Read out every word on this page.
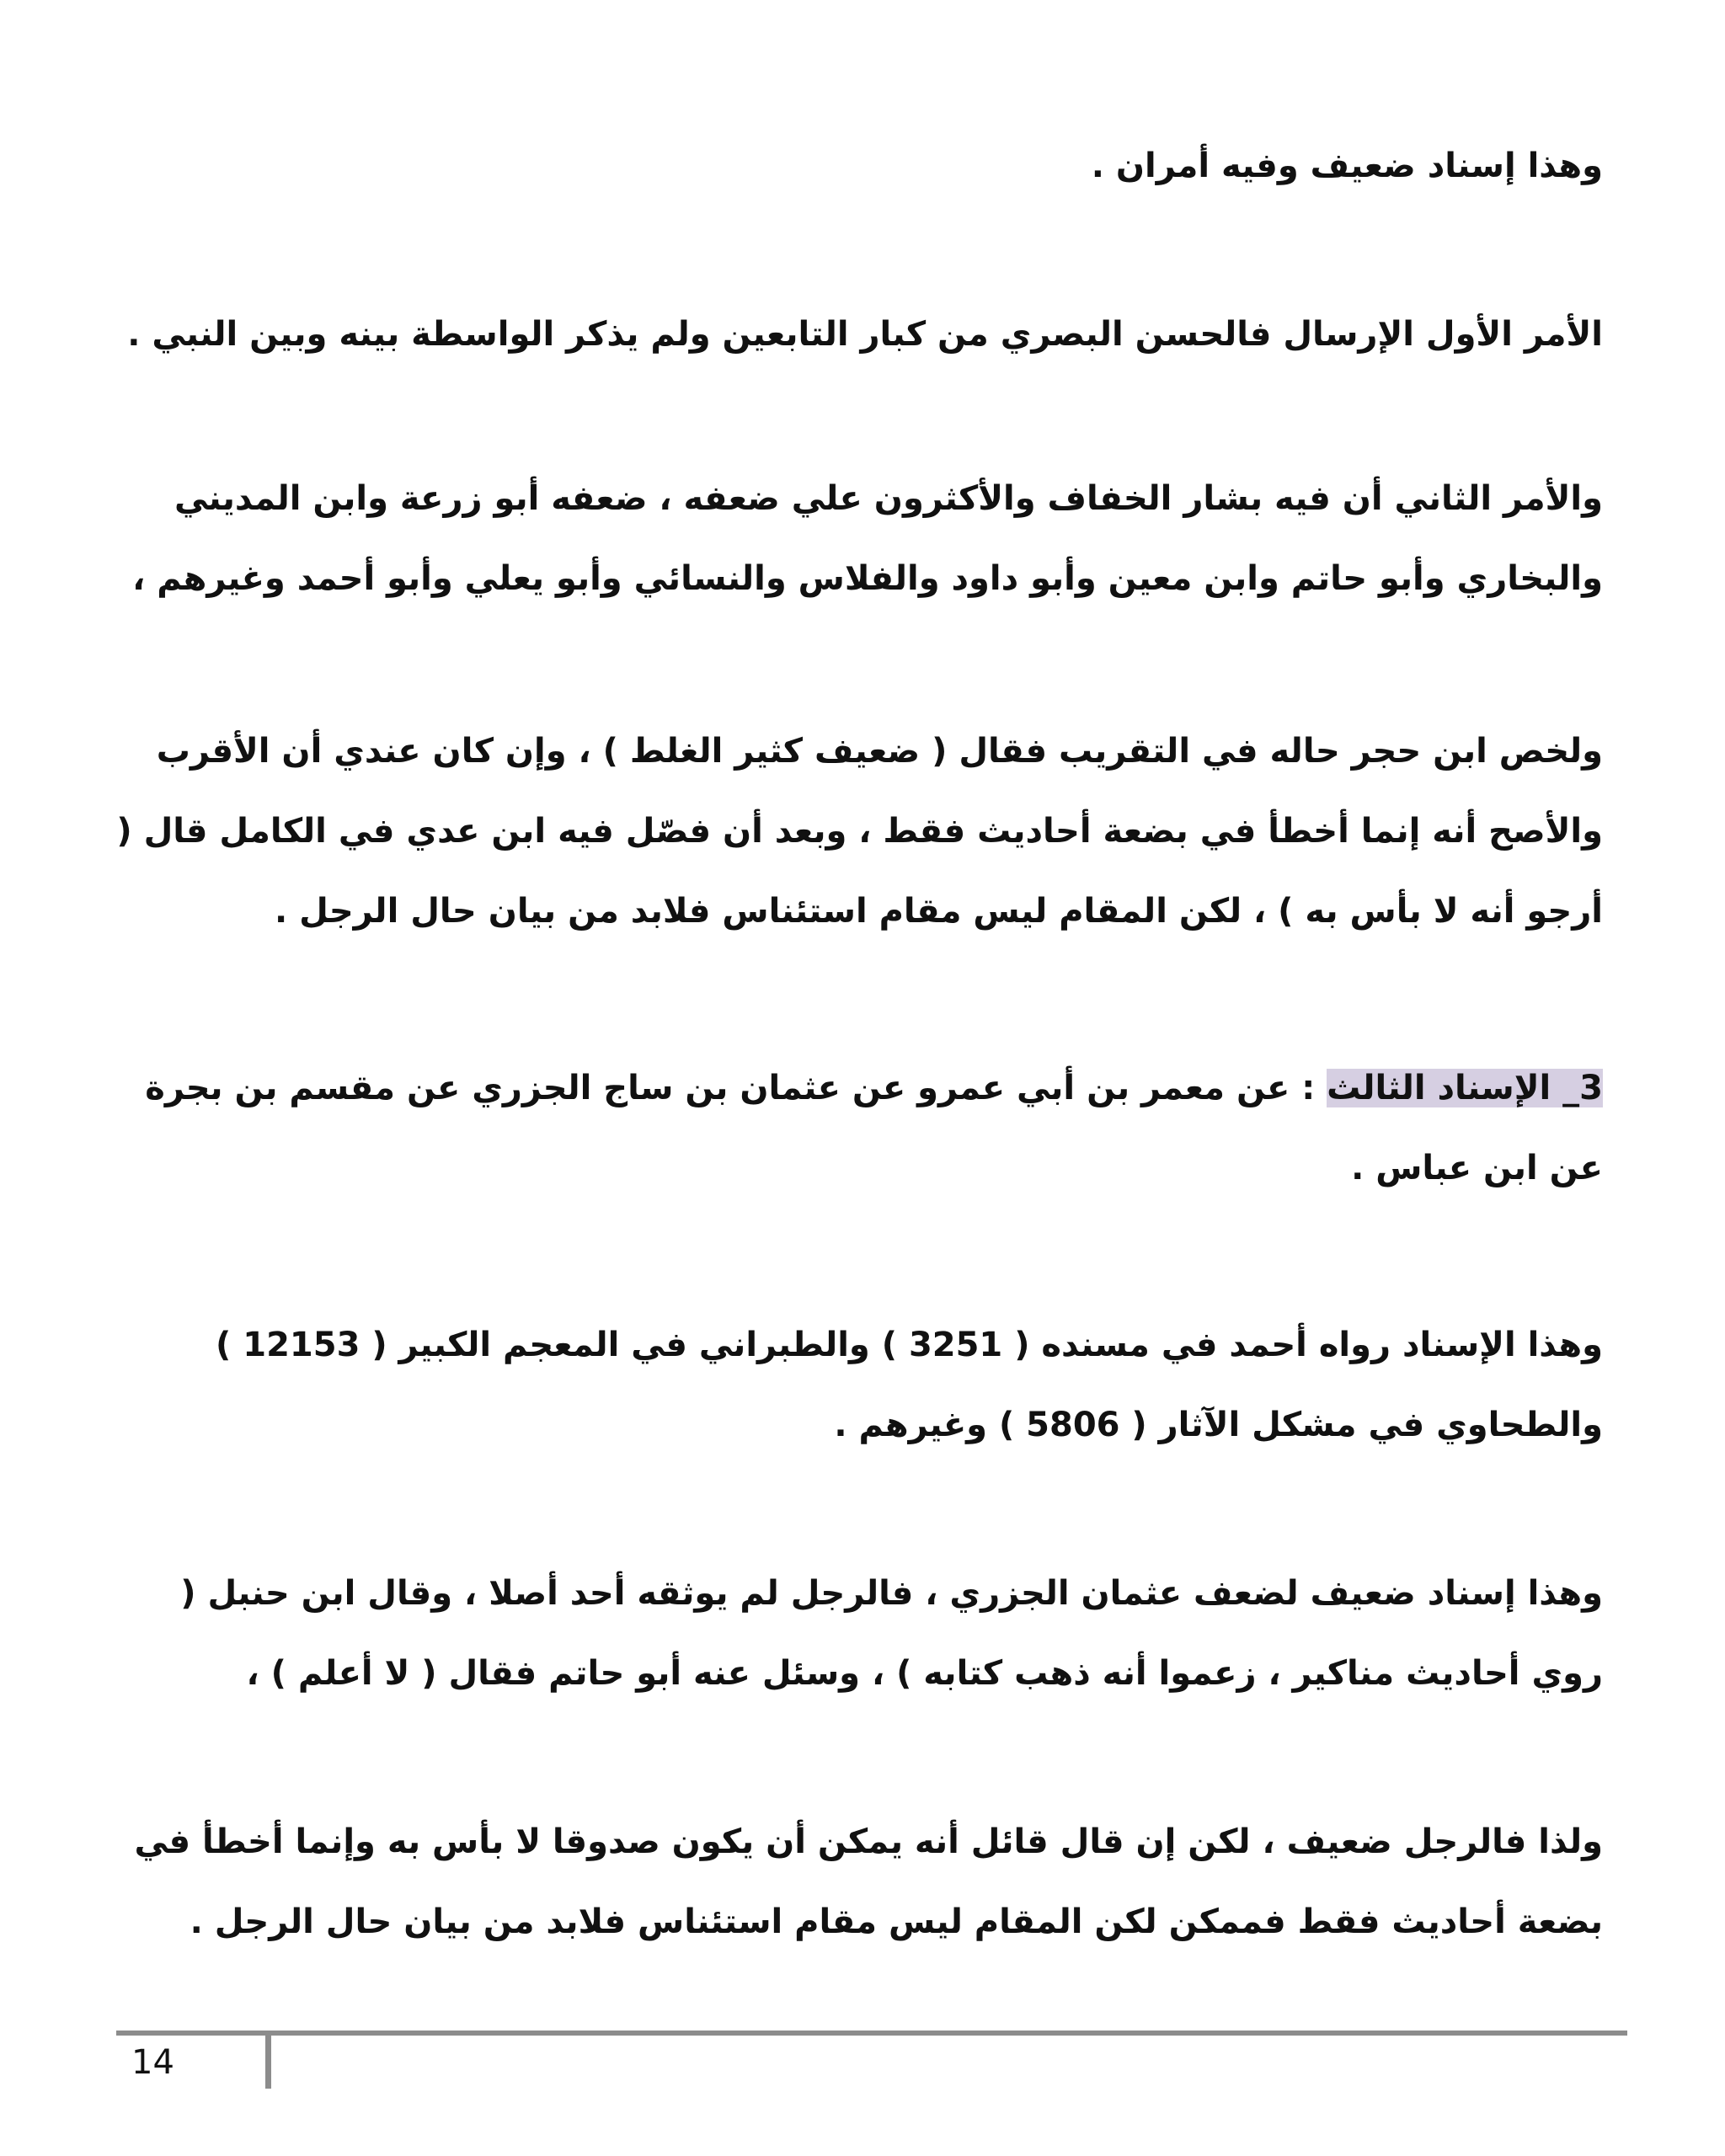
وهذا إسناد ضعيف وفيه أمران .

الأمر الأول الإرسال فالحسن البصري من كبار التابعين ولم يذكر الواسطة بينه وبين النبي .

والأمر الثاني أن فيه بشار الخفاف والأكثرون علي ضعفه ، ضعفه أبو زرعة وابن المديني والبخاري وأبو حاتم وابن معين وأبو داود والفلاس والنسائي وأبو يعلي وأبو أحمد وغيرهم ،

ولخص ابن حجر حاله في التقريب فقال ( ضعيف كثير الغلط ) ، وإن كان عندي أن الأقرب والأصح أنه إنما أخطأ في بضعة أحاديث فقط ، وبعد أن فصّل فيه ابن عدي في الكامل قال ( أرجو أنه لا بأس به ) ، لكن المقام ليس مقام استئناس فلابد من بيان حال الرجل .

3_ الإسناد الثالث : عن معمر بن أبي عمرو عن عثمان بن ساج الجزري عن مقسم بن بجرة عن ابن عباس .

وهذا الإسناد رواه أحمد في مسنده ( 3251 ) والطبراني في المعجم الكبير ( 12153 ) والطحاوي في مشكل الآثار ( 5806 ) وغيرهم .

وهذا إسناد ضعيف لضعف عثمان الجزري ، فالرجل لم يوثقه أحد أصلا ، وقال ابن حنبل ( روي أحاديث مناكير ، زعموا أنه ذهب كتابه ) ، وسئل عنه أبو حاتم فقال ( لا أعلم ) ،

ولذا فالرجل ضعيف ، لكن إن قال قائل أنه يمكن أن يكون صدوقا لا بأس به وإنما أخطأ في بضعة أحاديث فقط فممكن لكن المقام ليس مقام استئناس فلابد من بيان حال الرجل .

14
